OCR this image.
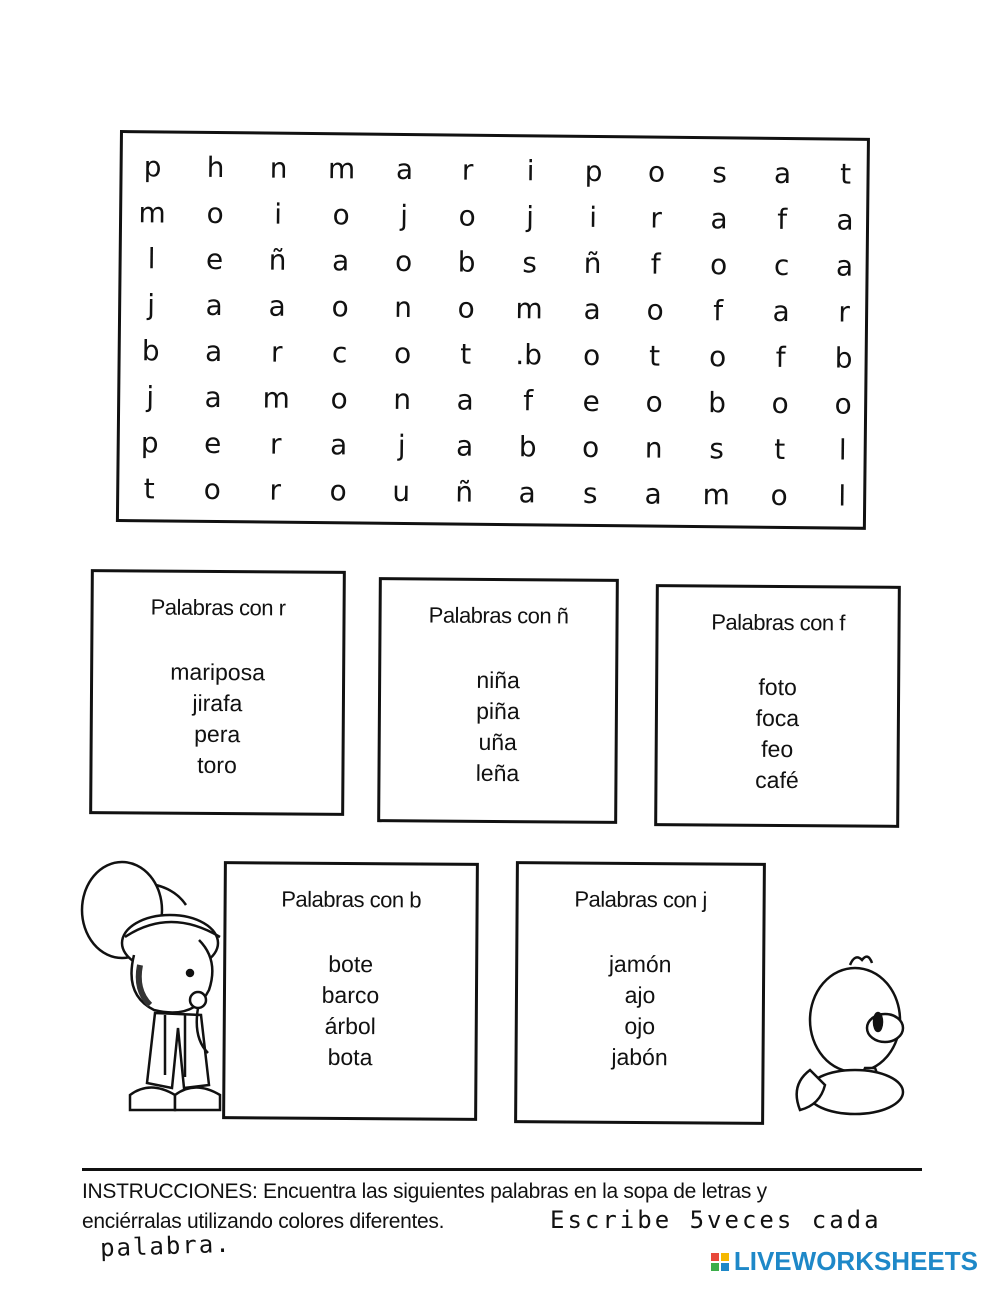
p	h	n	m	a	r	i	p	o	s	a	t
m	o	i	o	j	o	j	i	r	a	f	a
l	e	ñ	a	o	b	s	ñ	f	o	c	a
j	a	a	o	n	o	m	a	o	f	a	r
b	a	r	c	o	t	.b	o	t	o	f	b
j	a	m	o	n	a	f	e	o	b	o	o
p	e	r	a	j	a	b	o	n	s	t	l
t	o	r	o	u	ñ	a	s	a	m	o	l
Palabras con r
mariposa
jirafa
pera
toro
Palabras con ñ
niña
piña
uña
leña
Palabras con f
foto
foca
feo
café
Palabras con b
bote
barco
árbol
bota
Palabras con j
jamón
ajo
ojo
jabón
INSTRUCCIONES: Encuentra las siguientes palabras en la sopa de letras y
enciérralas utilizando colores diferentes.	Escribe 5veces cada
palabra.	LIVEWORKSHEETS
